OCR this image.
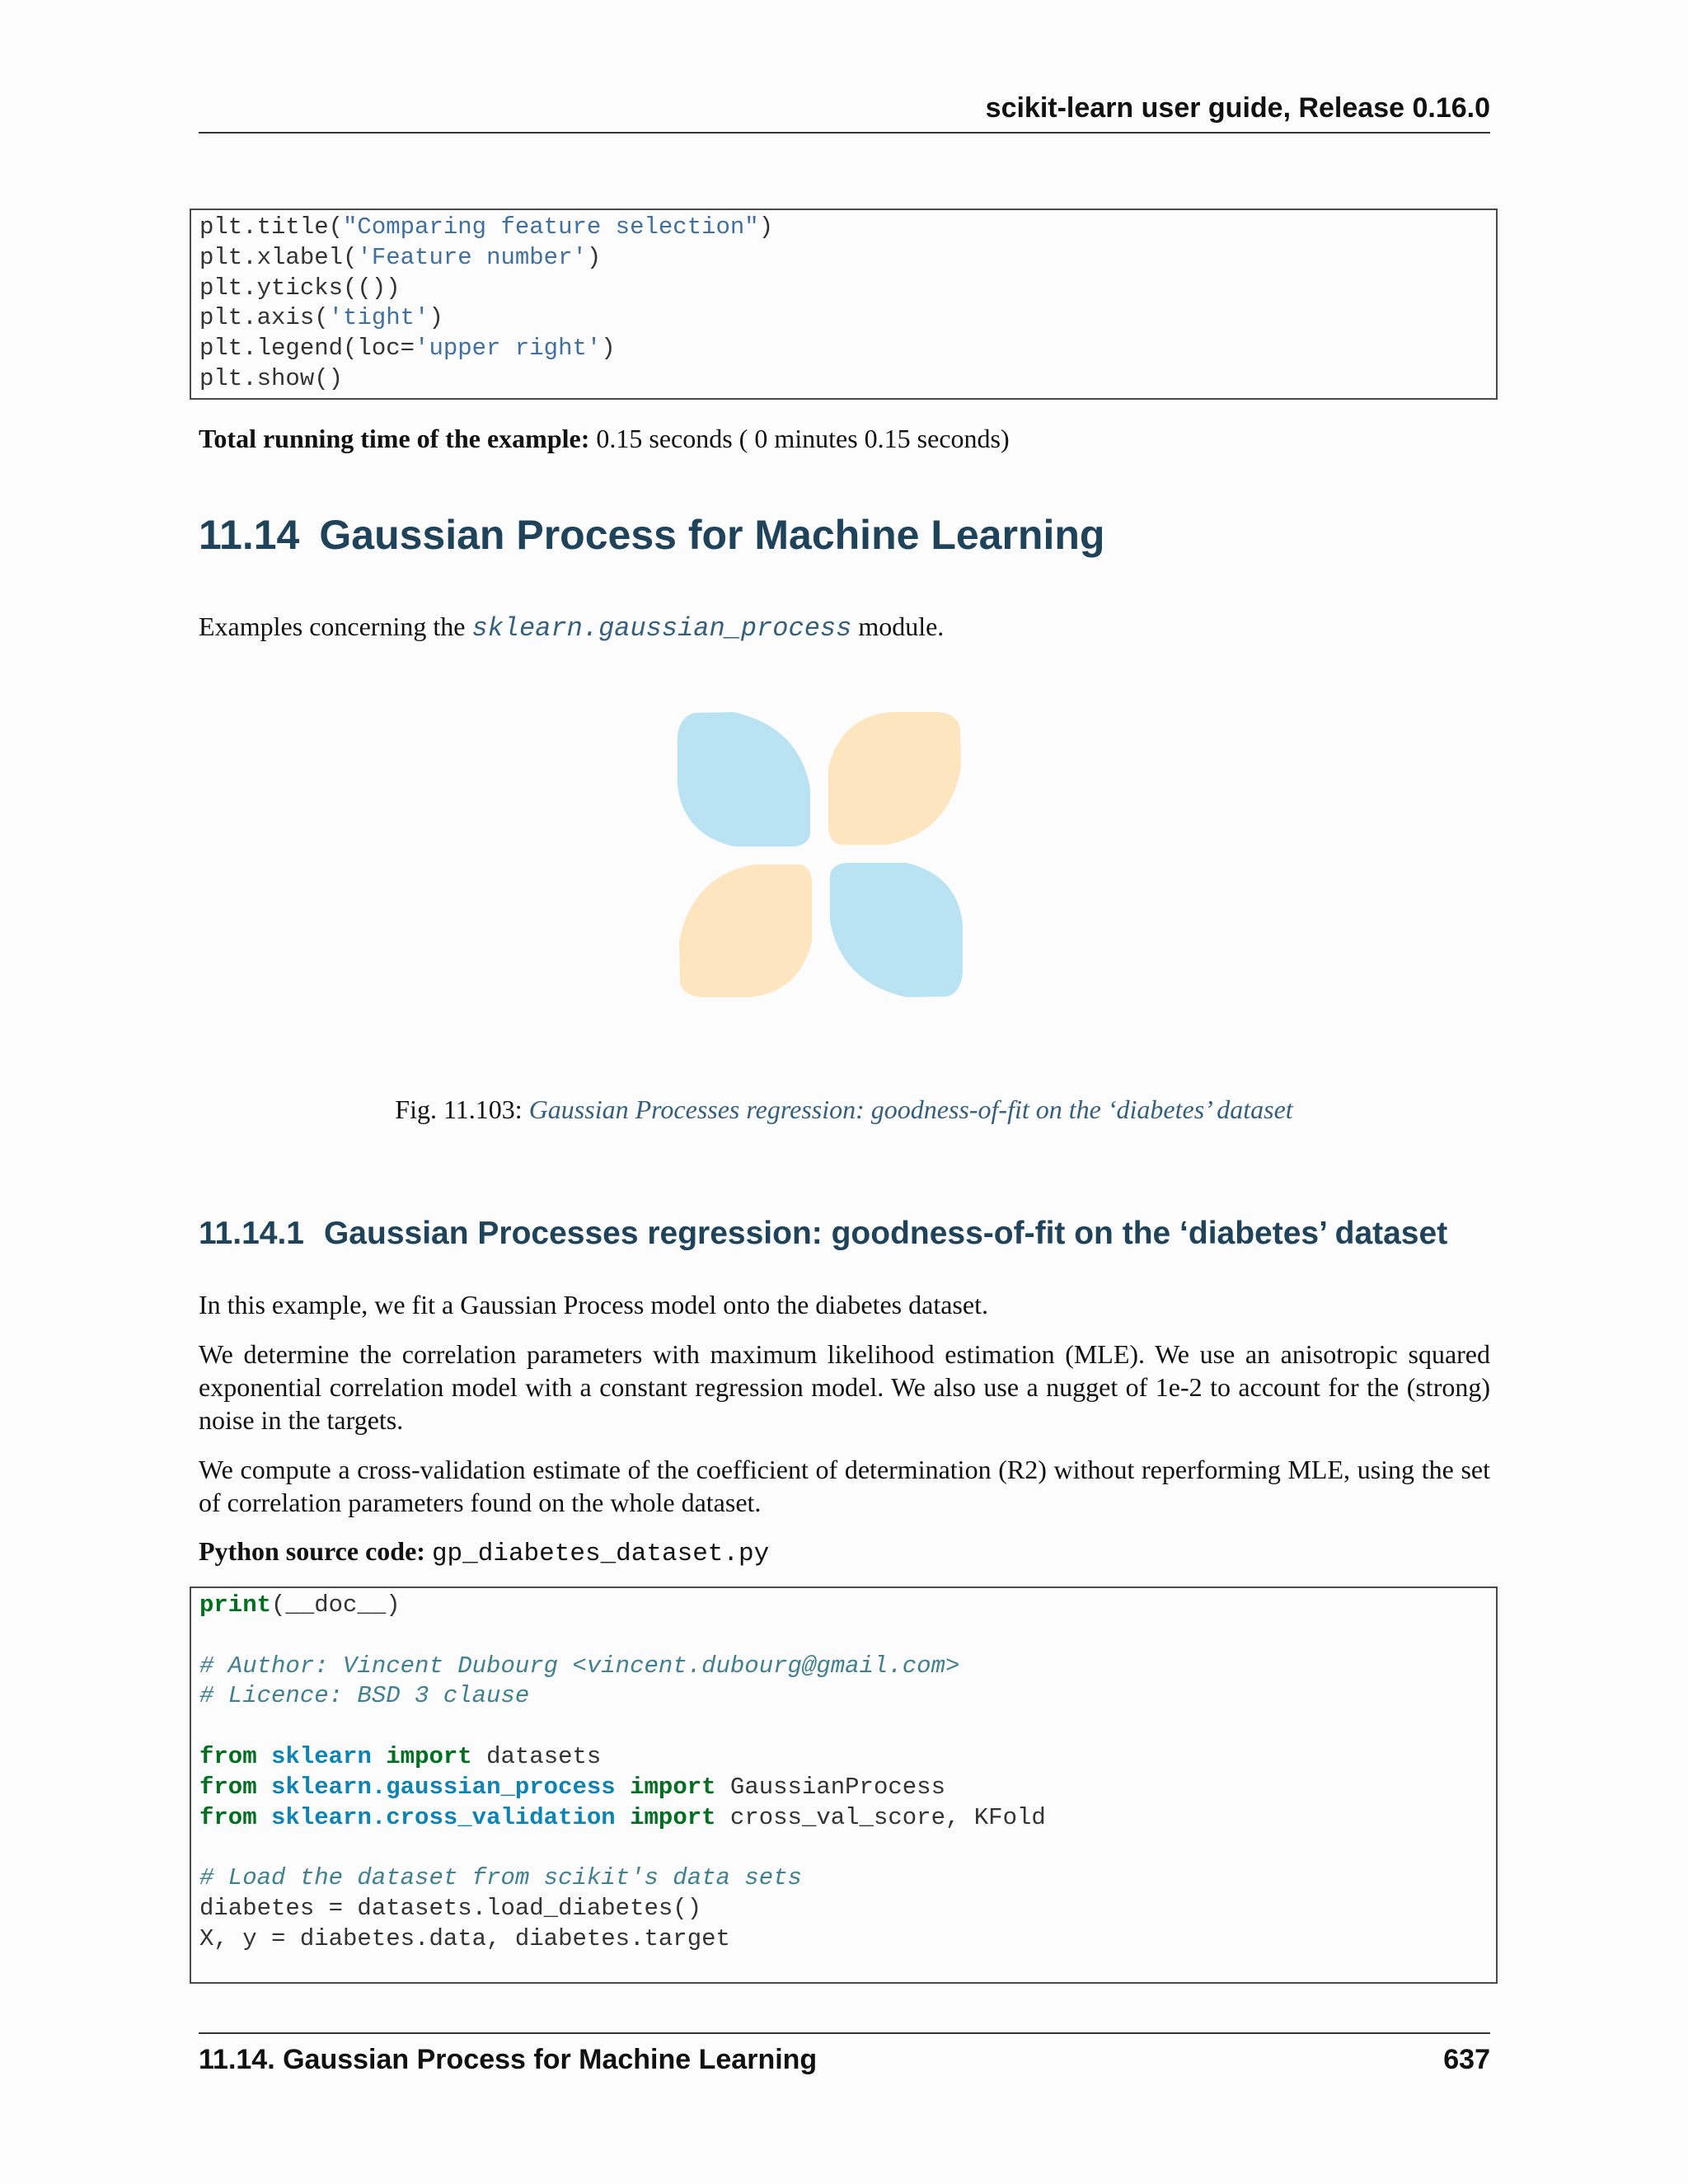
scikit-learn user guide, Release 0.16.0
plt.title("Comparing feature selection")
plt.xlabel('Feature number')
plt.yticks(())
plt.axis('tight')
plt.legend(loc='upper right')
plt.show()
Total running time of the example: 0.15 seconds ( 0 minutes 0.15 seconds)
11.14 Gaussian Process for Machine Learning
Examples concerning the sklearn.gaussian_process module.
Fig. 11.103: Gaussian Processes regression: goodness-of-fit on the ‘diabetes’ dataset
11.14.1 Gaussian Processes regression: goodness-of-fit on the ‘diabetes’ dataset
In this example, we fit a Gaussian Process model onto the diabetes dataset.
We determine the correlation parameters with maximum likelihood estimation (MLE). We use an anisotropic squared exponential correlation model with a constant regression model. We also use a nugget of 1e-2 to account for the (strong) noise in the targets.
We compute a cross-validation estimate of the coefficient of determination (R2) without reperforming MLE, using the set of correlation parameters found on the whole dataset.
Python source code: gp_diabetes_dataset.py
print(__doc__)
# Author: Vincent Dubourg <vincent.dubourg@gmail.com>
# Licence: BSD 3 clause
from sklearn import datasets
from sklearn.gaussian_process import GaussianProcess
from sklearn.cross_validation import cross_val_score, KFold
# Load the dataset from scikit's data sets
diabetes = datasets.load_diabetes()
X, y = diabetes.data, diabetes.target
11.14. Gaussian Process for Machine Learning	637
